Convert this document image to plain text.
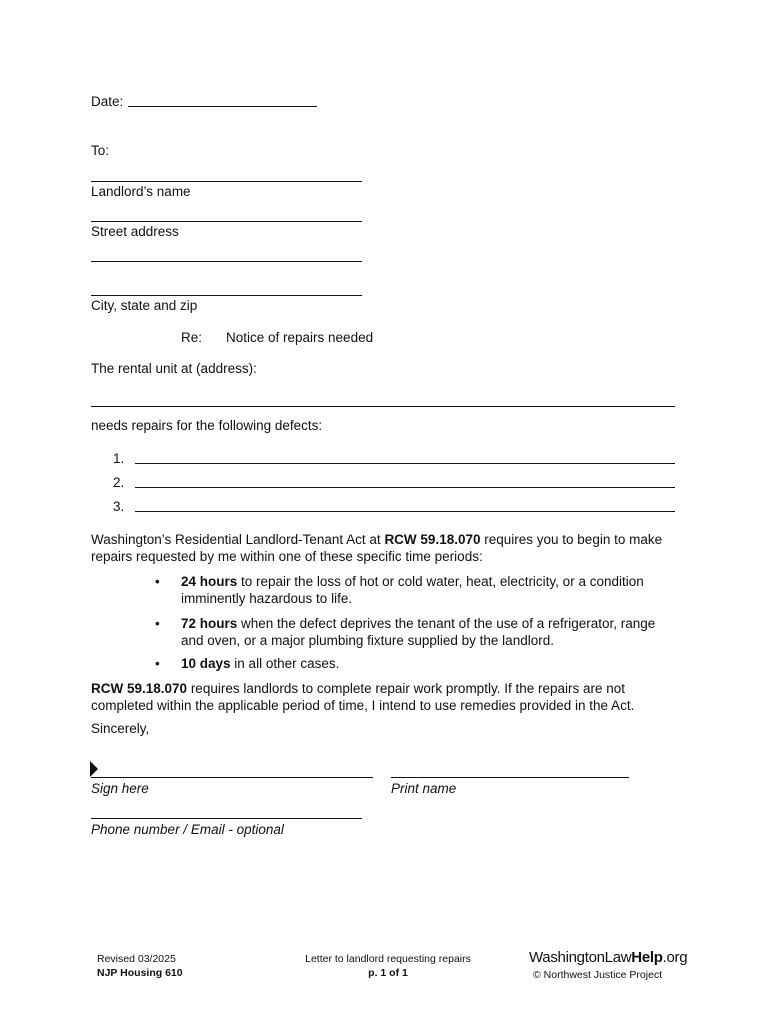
Date:
To:
Landlord’s name
Street address
City, state and zip
Re: Notice of repairs needed
The rental unit at (address):
needs repairs for the following defects:
1.
2.
3.
Washington’s Residential Landlord-Tenant Act at RCW 59.18.070 requires you to begin to make repairs requested by me within one of these specific time periods:
• 24 hours to repair the loss of hot or cold water, heat, electricity, or a condition imminently hazardous to life.
• 72 hours when the defect deprives the tenant of the use of a refrigerator, range and oven, or a major plumbing fixture supplied by the landlord.
• 10 days in all other cases.
RCW 59.18.070 requires landlords to complete repair work promptly. If the repairs are not completed within the applicable period of time, I intend to use remedies provided in the Act.
Sincerely,
Sign here	Print name
Phone number / Email - optional
Revised 03/2025
NJP Housing 610
Letter to landlord requesting repairs
p. 1 of 1
WashingtonLawHelp.org
© Northwest Justice Project
